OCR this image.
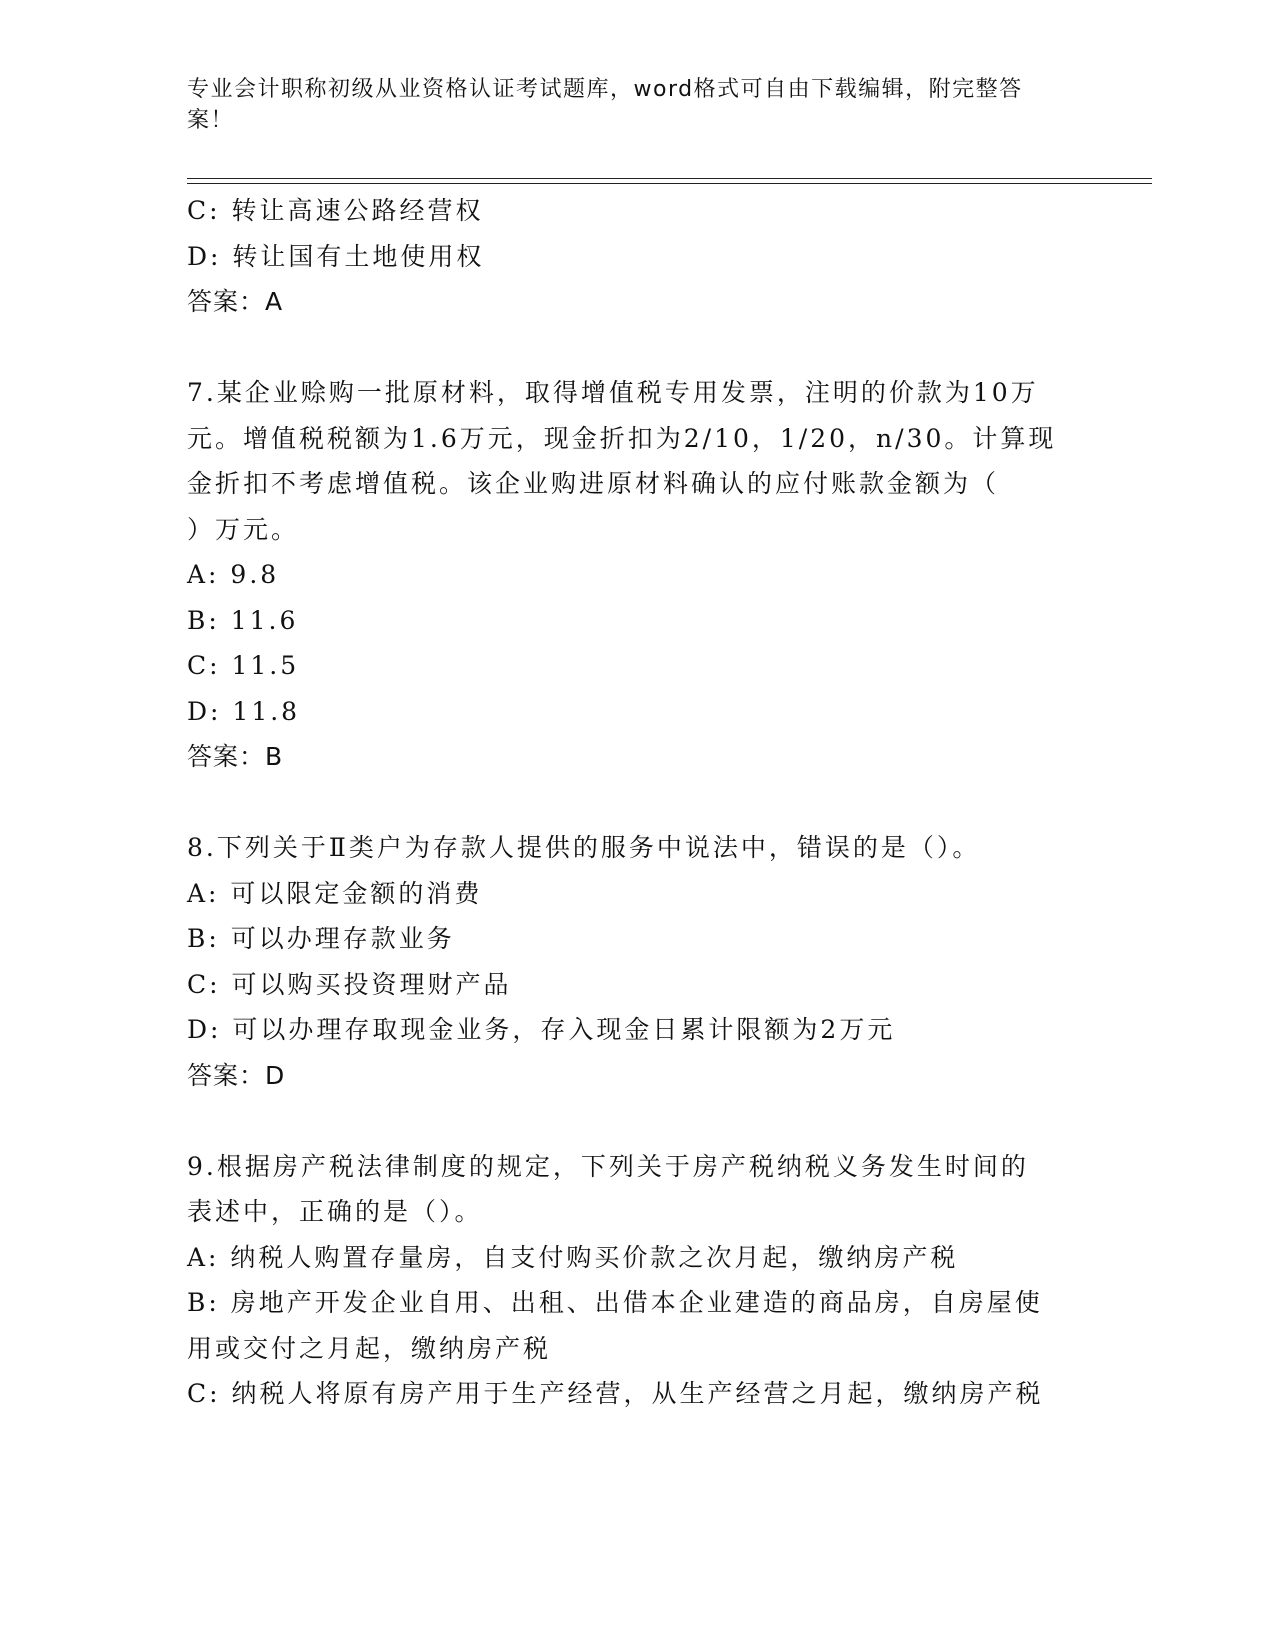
专业会计职称初级从业资格认证考试题库，word格式可自由下载编辑，附完整答案！
C: 转让高速公路经营权
D: 转让国有土地使用权
答案：A
7.某企业赊购一批原材料，取得增值税专用发票，注明的价款为10万
元。增值税税额为1.6万元，现金折扣为2/10，1/20，n/30。计算现
金折扣不考虑增值税。该企业购进原材料确认的应付账款金额为（
）万元。
A: 9.8
B: 11.6
C: 11.5
D: 11.8
答案：B
8.下列关于Ⅱ类户为存款人提供的服务中说法中，错误的是（）。
A: 可以限定金额的消费
B: 可以办理存款业务
C: 可以购买投资理财产品
D: 可以办理存取现金业务，存入现金日累计限额为2万元
答案：D
9.根据房产税法律制度的规定，下列关于房产税纳税义务发生时间的
表述中，正确的是（）。
A: 纳税人购置存量房，自支付购买价款之次月起，缴纳房产税
B: 房地产开发企业自用、出租、出借本企业建造的商品房，自房屋使
用或交付之月起，缴纳房产税
C: 纳税人将原有房产用于生产经营，从生产经营之月起，缴纳房产税
